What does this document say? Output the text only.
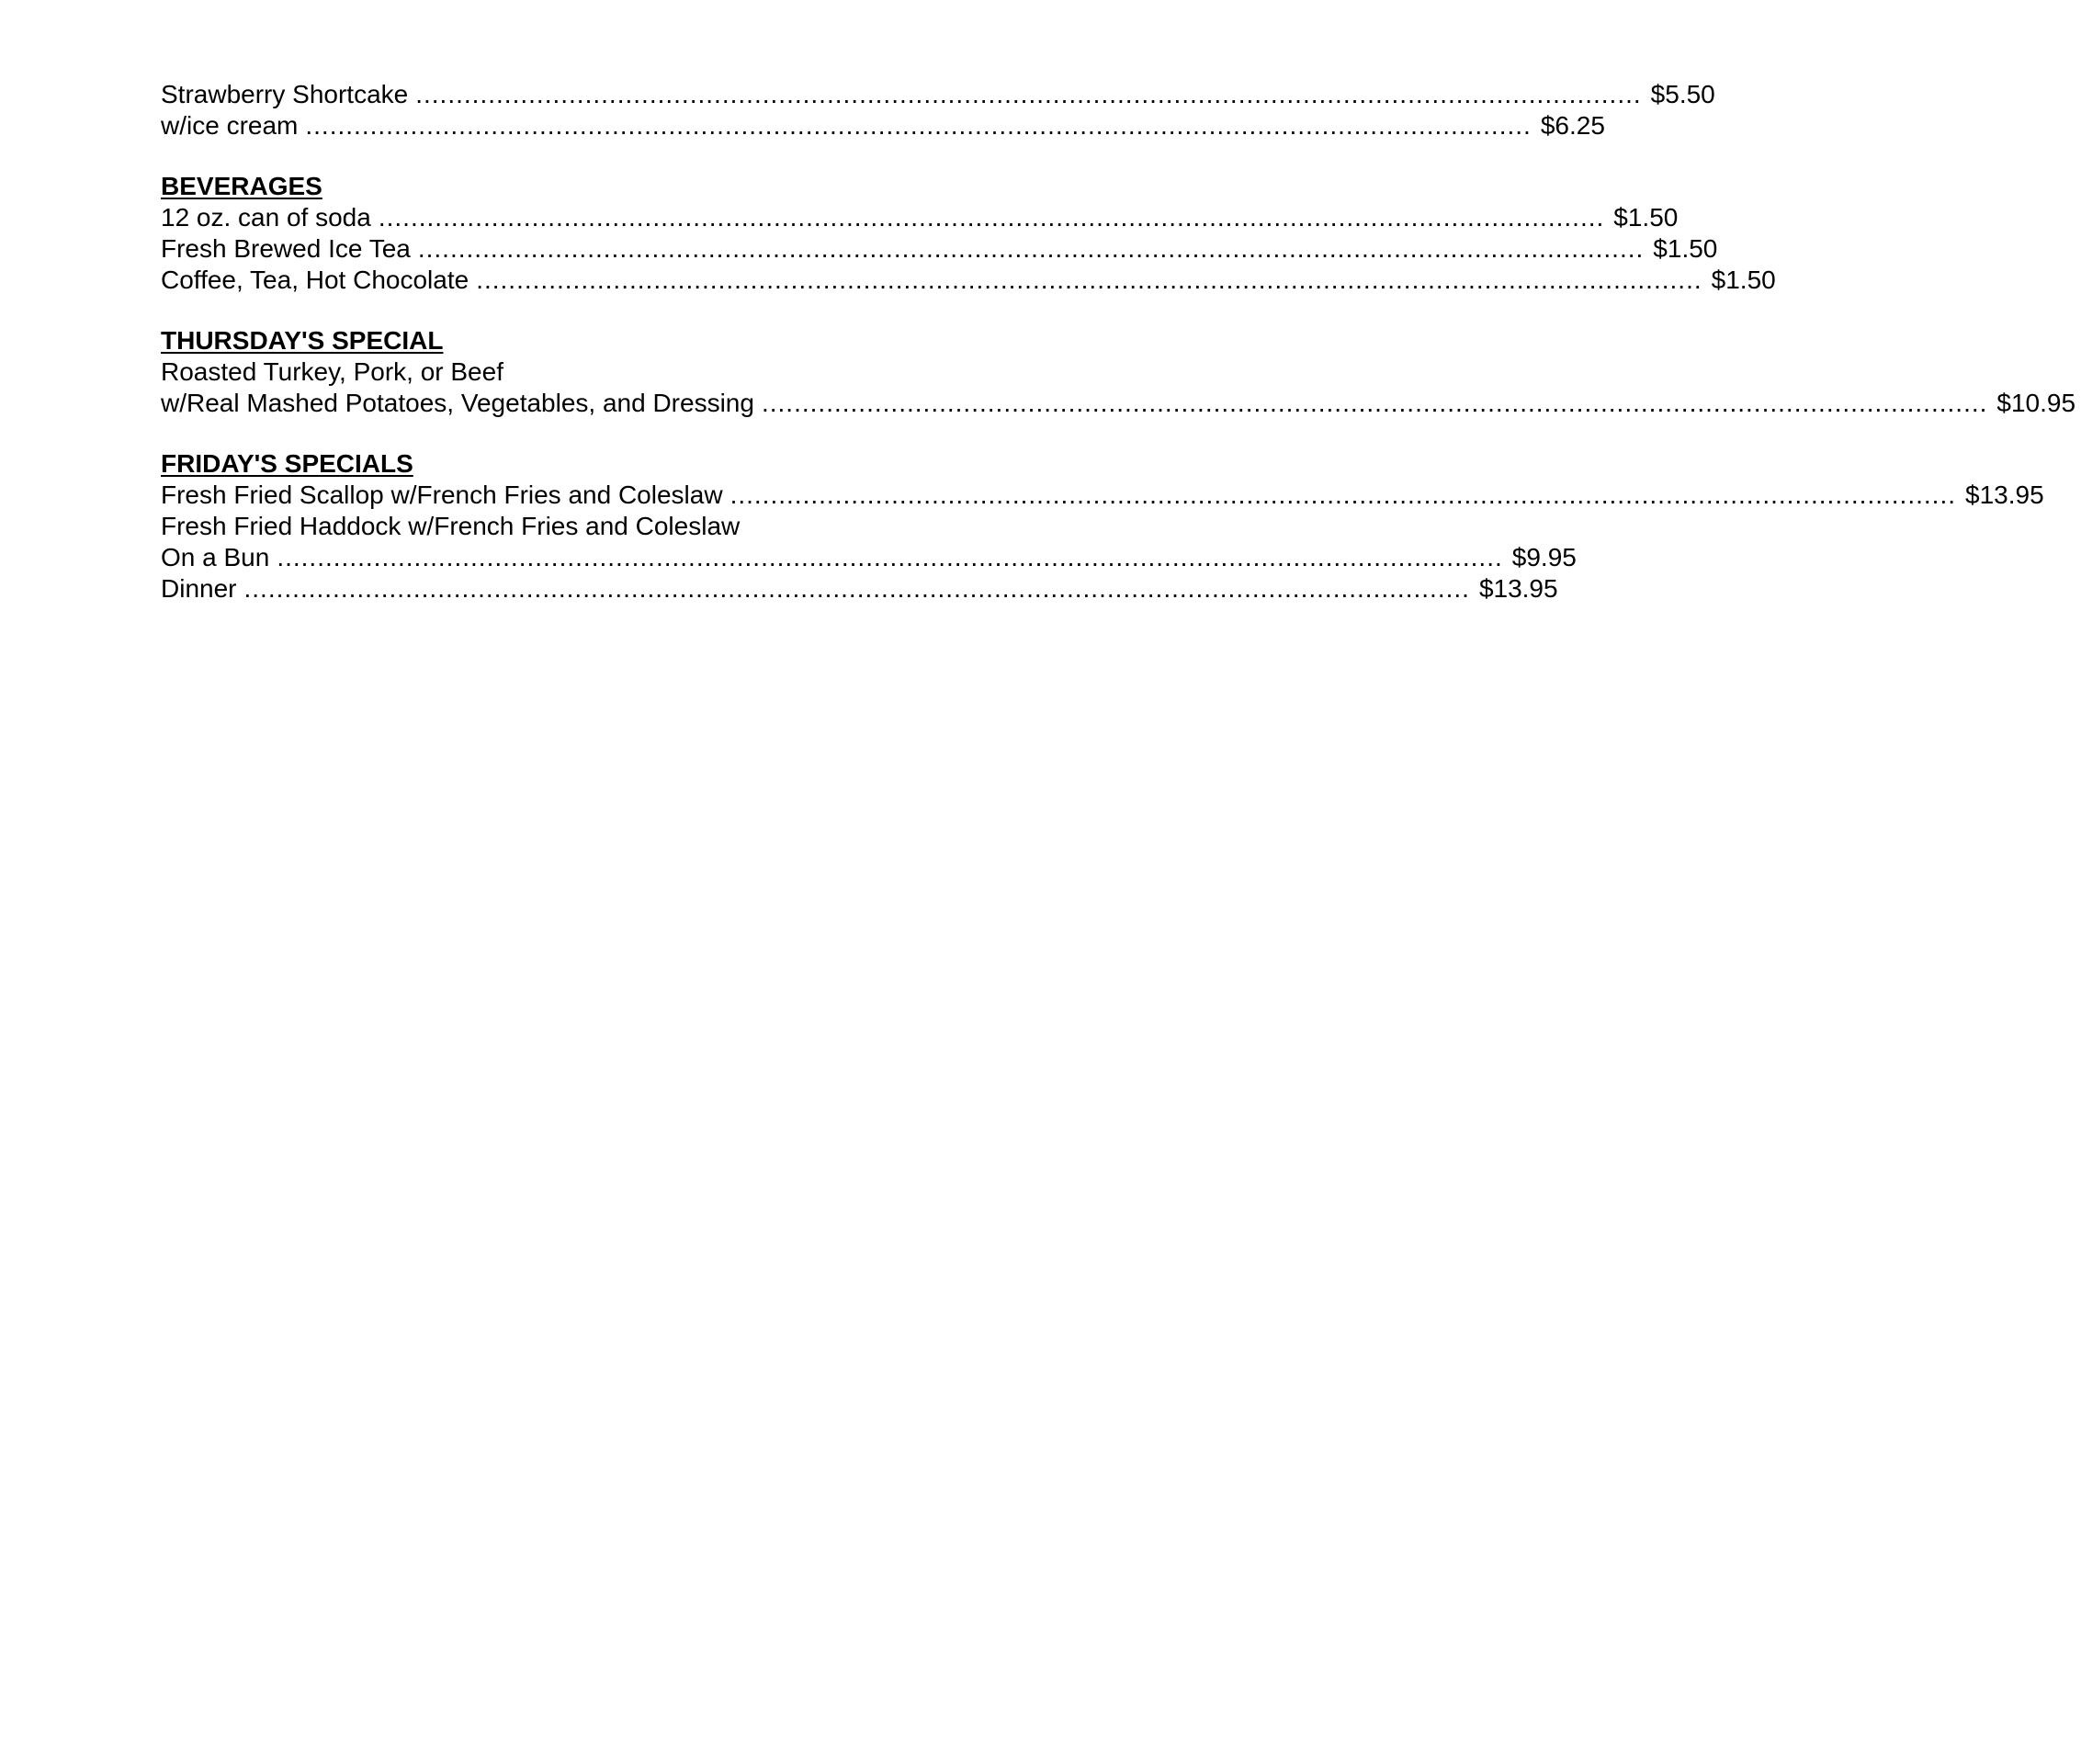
Strawberry Shortcake ........................................................................................................................................................ $5.50
w/ice cream ........................................................................................................................................................ $6.25
BEVERAGES
12 oz. can of soda ........................................................................................................................................................ $1.50
Fresh Brewed Ice Tea ........................................................................................................................................................ $1.50
Coffee, Tea, Hot Chocolate ........................................................................................................................................................ $1.50
THURSDAY'S SPECIAL
Roasted Turkey, Pork, or Beef
w/Real Mashed Potatoes, Vegetables, and Dressing ........................................................................................................................................................ $10.95
FRIDAY'S SPECIALS
Fresh Fried Scallop w/French Fries and Coleslaw ........................................................................................................................................................ $13.95
Fresh Fried Haddock w/French Fries and Coleslaw
On a Bun ........................................................................................................................................................ $9.95
Dinner ........................................................................................................................................................ $13.95
